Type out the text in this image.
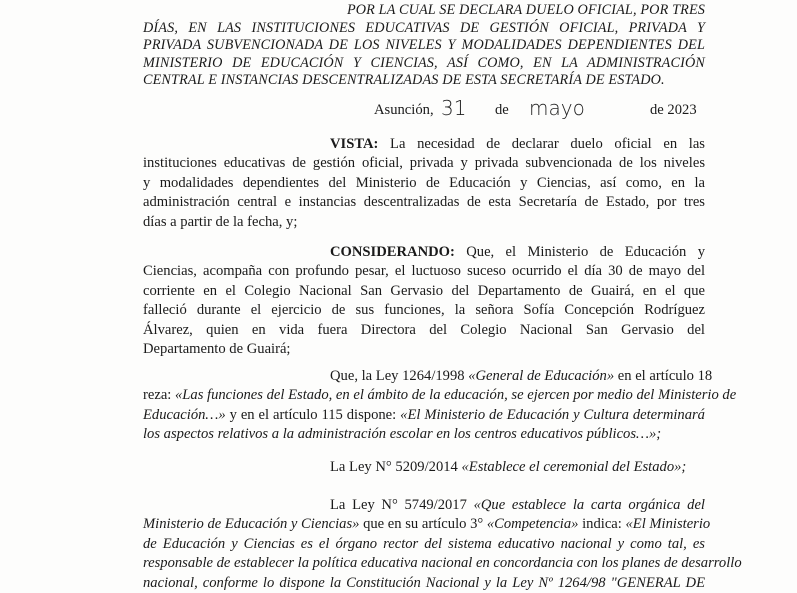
POR LA CUAL SE DECLARA DUELO OFICIAL, POR TRES
DÍAS, EN LAS INSTITUCIONES EDUCATIVAS DE GESTIÓN OFICIAL, PRIVADA Y
PRIVADA SUBVENCIONADA DE LOS NIVELES Y MODALIDADES DEPENDIENTES DEL
MINISTERIO DE EDUCACIÓN Y CIENCIAS, ASÍ COMO, EN LA ADMINISTRACIÓN
CENTRAL E INSTANCIAS DESCENTRALIZADAS DE ESTA SECRETARÍA DE ESTADO.
Asunción, 31 de mayo	de 2023
VISTA: La necesidad de declarar duelo oficial en las
instituciones educativas de gestión oficial, privada y privada subvencionada de los niveles
y modalidades dependientes del Ministerio de Educación y Ciencias, así como, en la
administración central e instancias descentralizadas de esta Secretaría de Estado, por tres
días a partir de la fecha, y;
CONSIDERANDO: Que, el Ministerio de Educación y
Ciencias, acompaña con profundo pesar, el luctuoso suceso ocurrido el día 30 de mayo del
corriente en el Colegio Nacional San Gervasio del Departamento de Guairá, en el que
falleció durante el ejercicio de sus funciones, la señora Sofía Concepción Rodríguez
Álvarez, quien en vida fuera Directora del Colegio Nacional San Gervasio del
Departamento de Guairá;
Que, la Ley 1264/1998 «General de Educación» en el artículo 18
reza: «Las funciones del Estado, en el ámbito de la educación, se ejercen por medio del Ministerio de
Educación…» y en el artículo 115 dispone: «El Ministerio de Educación y Cultura determinará
los aspectos relativos a la administración escolar en los centros educativos públicos…»;
La Ley N° 5209/2014 «Establece el ceremonial del Estado»;
La Ley N° 5749/2017 «Que establece la carta orgánica del
Ministerio de Educación y Ciencias» que en su artículo 3° «Competencia» indica: «El Ministerio
de Educación y Ciencias es el órgano rector del sistema educativo nacional y como tal, es
responsable de establecer la política educativa nacional en concordancia con los planes de desarrollo
nacional, conforme lo dispone la Constitución Nacional y la Ley Nº 1264/98 "GENERAL DE
